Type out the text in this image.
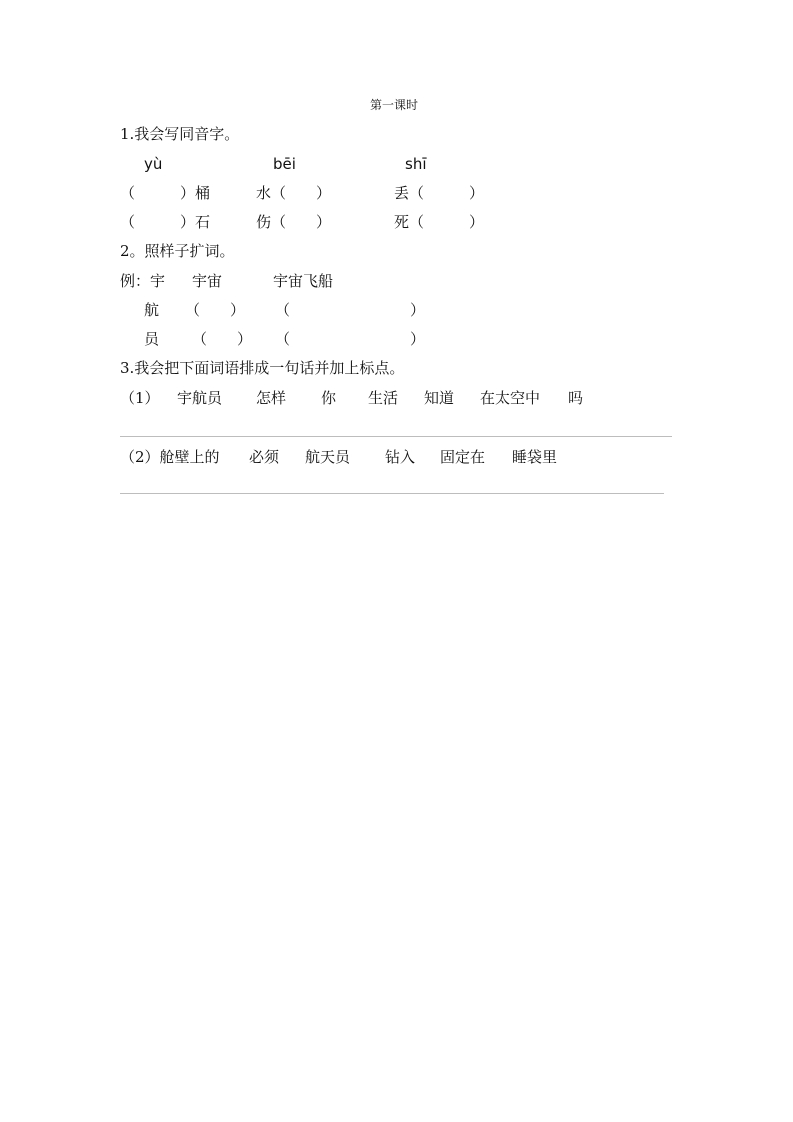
第一课时
1.我会写同音字。
yù	bēi	shī
（　　　）桶	水（　　）	丢（　　　）
（　　　）石	伤（　　）	死（　　　）
2。照样子扩词。
例：宇 宇宙	宇宙飞船
航 （　　） （　　　　　　　　）
员 （　　） （　　　　　　　　）
3.我会把下面词语排成一句话并加上标点。
（1） 宇航员 怎样 你 生活 知道 在太空中 吗
（2）舱壁上的 必须 航天员 钻入 固定在 睡袋里
